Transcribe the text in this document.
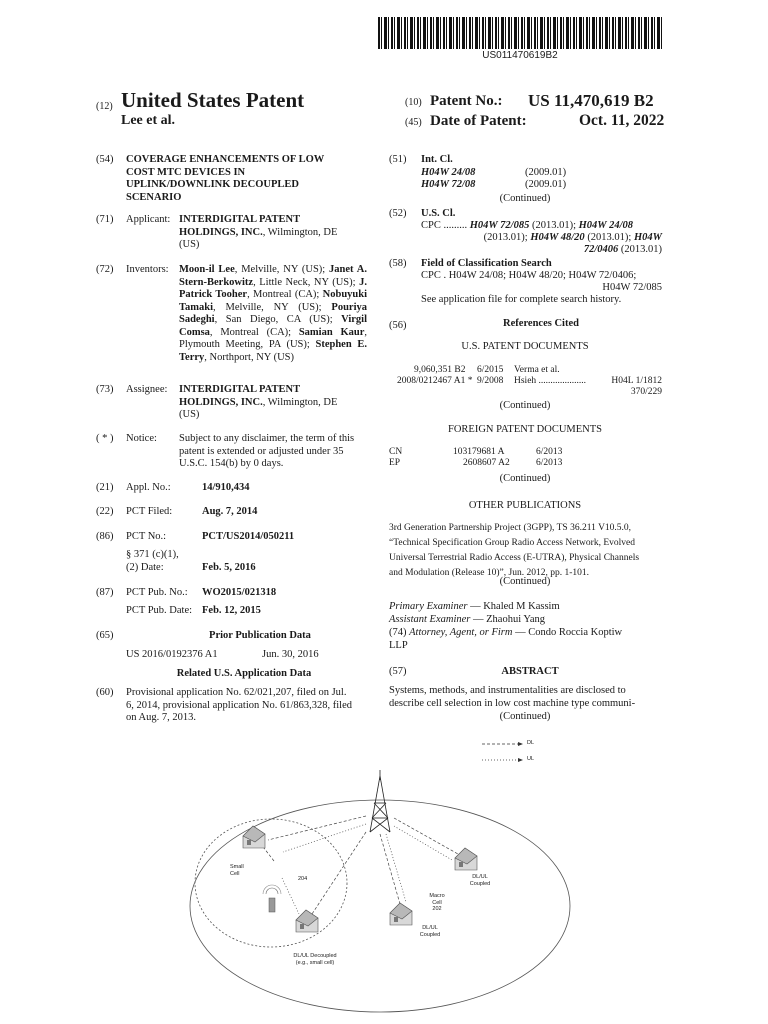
US011470619B2
(12) United States Patent
Lee et al.
(10) Patent No.: US 11,470,619 B2
(45) Date of Patent:	Oct. 11, 2022
(54) COVERAGE ENHANCEMENTS OF LOW
COST MTC DEVICES IN
UPLINK/DOWNLINK DECOUPLED
SCENARIO
(71) Applicant: INTERDIGITAL PATENT
HOLDINGS, INC., Wilmington, DE
(US)
(72) Inventors: Moon-il Lee, Melville, NY (US); Janet A. Stern-Berkowitz, Little Neck, NY (US); J. Patrick Tooher, Montreal (CA); Nobuyuki Tamaki, Melville, NY (US); Pouriya Sadeghi, San Diego, CA (US); Virgil Comsa, Montreal (CA); Samian Kaur, Plymouth Meeting, PA (US); Stephen E. Terry, Northport, NY (US)
(73) Assignee: INTERDIGITAL PATENT
HOLDINGS, INC., Wilmington, DE
(US)
( * ) Notice: Subject to any disclaimer, the term of this
patent is extended or adjusted under 35
U.S.C. 154(b) by 0 days.
(21) Appl. No.:	14/910,434
(22) PCT Filed:	Aug. 7, 2014
(86) PCT No.:	PCT/US2014/050211
§ 371 (c)(1),
(2) Date:	Feb. 5, 2016
(87) PCT Pub. No.: WO2015/021318
PCT Pub. Date: Feb. 12, 2015
(65)	Prior Publication Data
US 2016/0192376 A1	Jun. 30, 2016
Related U.S. Application Data
(60) Provisional application No. 62/021,207, filed on Jul.
6, 2014, provisional application No. 61/863,328, filed
on Aug. 7, 2013.
(51) Int. Cl.
H04W 24/08	(2009.01)
H04W 72/08	(2009.01)
(Continued)
(52) U.S. Cl.
CPC ......... H04W 72/085 (2013.01); H04W 24/08
(2013.01); H04W 48/20 (2013.01); H04W
72/0406 (2013.01)
(58) Field of Classification Search
CPC . H04W 24/08; H04W 48/20; H04W 72/0406;
H04W 72/085
See application file for complete search history.
(56)	References Cited
U.S. PATENT DOCUMENTS
9,060,351 B2 6/2015 Verma et al.
2008/0212467 A1 * 9/2008 Hsieh ....................	H04L 1/1812
370/229
(Continued)
FOREIGN PATENT DOCUMENTS
CN	103179681 A	6/2013
EP	2608607 A2	6/2013
(Continued)
OTHER PUBLICATIONS
3rd Generation Partnership Project (3GPP), TS 36.211 V10.5.0,
“Technical Specification Group Radio Access Network, Evolved
Universal Terrestrial Radio Access (E-UTRA), Physical Channels
and Modulation (Release 10)”, Jun. 2012, pp. 1-101.
(Continued)
Primary Examiner — Khaled M Kassim
Assistant Examiner — Zhaohui Yang
(74) Attorney, Agent, or Firm — Condo Roccia Koptiw
LLP
(57)	ABSTRACT
Systems, methods, and instrumentalities are disclosed to
describe cell selection in low cost machine type communi-
(Continued)
DL
UL
Small
Cell
204	DL/UL
Coupled
Macro
Cell
202
DL/UL
Coupled
DL/UL Decoupled
(e.g., small cell)
